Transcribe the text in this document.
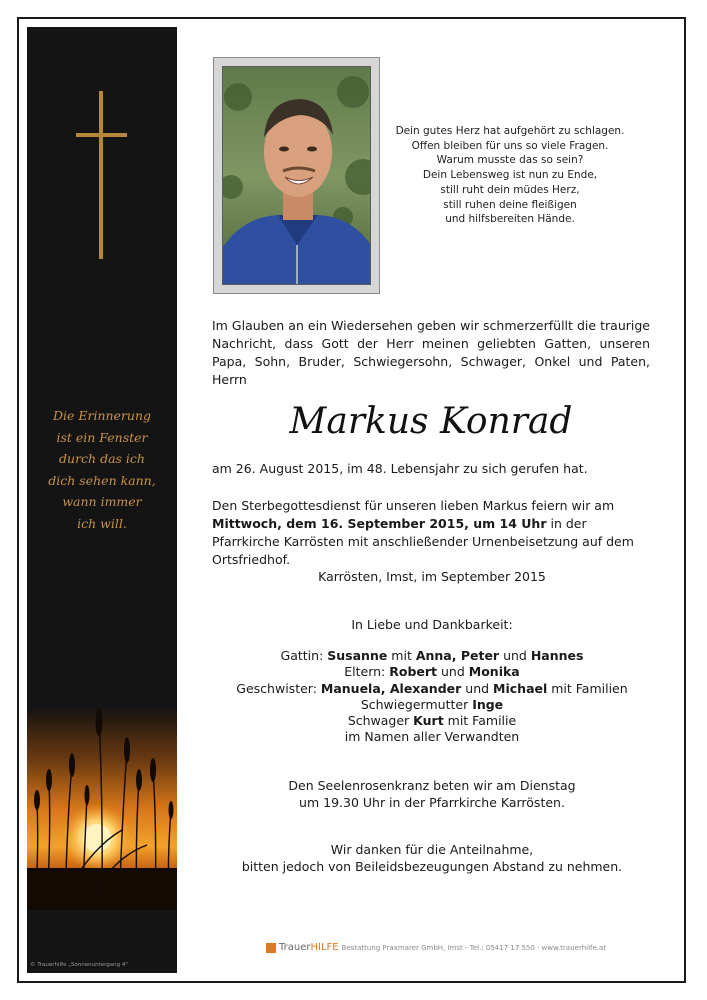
Die Erinnerung
ist ein Fenster
durch das ich
dich sehen kann,
wann immer
ich will.
© Trauerhilfe „Sonnenuntergang 4"
Dein gutes Herz hat aufgehört zu schlagen.
Offen bleiben für uns so viele Fragen.
Warum musste das so sein?
Dein Lebensweg ist nun zu Ende,
still ruht dein müdes Herz,
still ruhen deine fleißigen
und hilfsbereiten Hände.
Im Glauben an ein Wiedersehen geben wir schmerzerfüllt die traurige Nachricht, dass Gott der Herr meinen geliebten Gatten, unseren Papa, Sohn, Bruder, Schwiegersohn, Schwager, Onkel und Paten, Herrn
Markus Konrad
am 26. August 2015, im 48. Lebensjahr zu sich gerufen hat.
Den Sterbegottesdienst für unseren lieben Markus feiern wir am Mittwoch, dem 16. September 2015, um 14 Uhr in der Pfarrkirche Karrösten mit anschließender Urnenbeisetzung auf dem Ortsfriedhof.
Karrösten, Imst, im September 2015
In Liebe und Dankbarkeit:
Gattin: Susanne mit Anna, Peter und Hannes
Eltern: Robert und Monika
Geschwister: Manuela, Alexander und Michael mit Familien
Schwiegermutter Inge
Schwager Kurt mit Familie
im Namen aller Verwandten
Den Seelenrosenkranz beten wir am Dienstag
um 19.30 Uhr in der Pfarrkirche Karrösten.
Wir danken für die Anteilnahme,
bitten jedoch von Beileidsbezeugungen Abstand zu nehmen.
TrauerHILFE Bestattung Praxmarer GmbH, Imst - Tel.: 05417 17 550 · www.trauerhilfe.at
